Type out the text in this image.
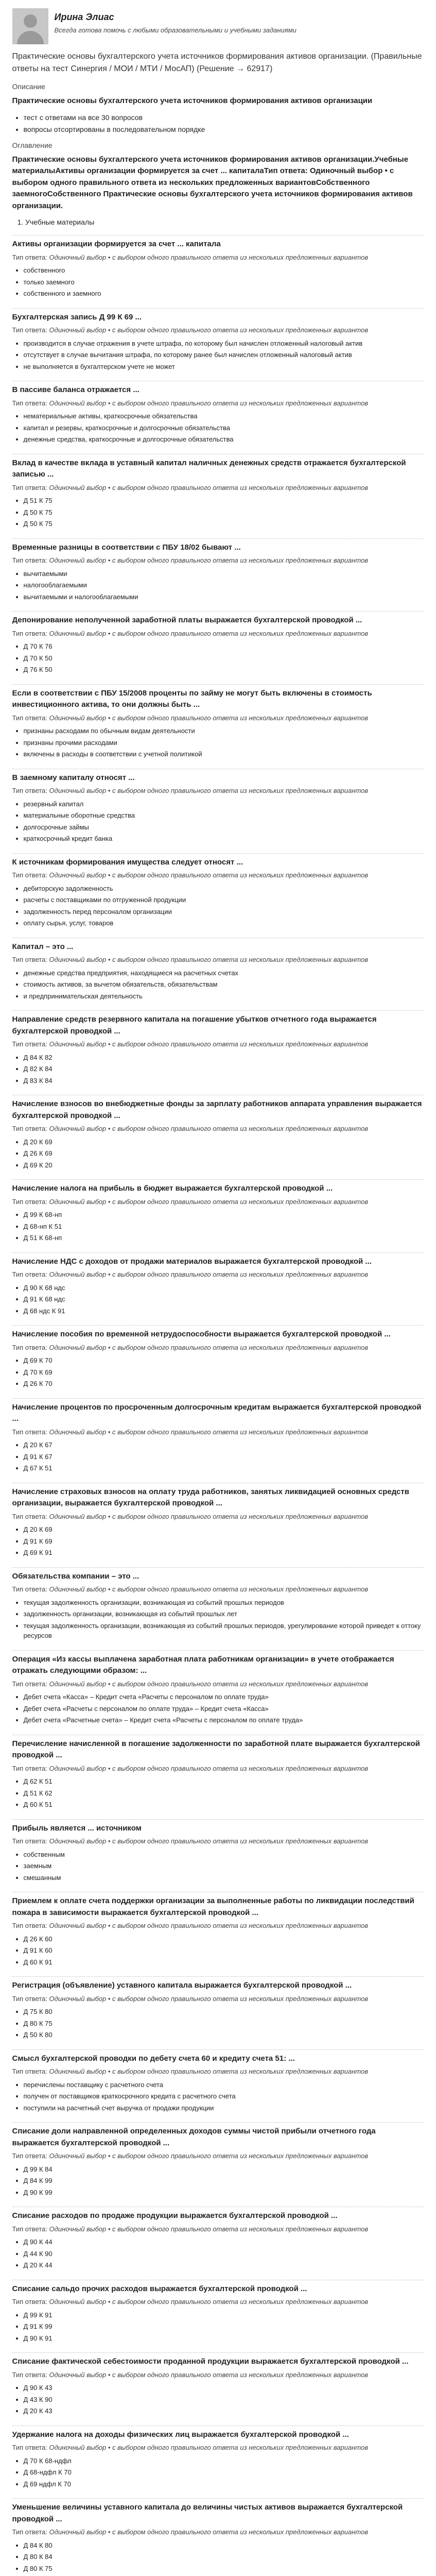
Ирина Элиас
Всегда готова помочь с любыми образовательными и учебными заданиями
Практические основы бухгалтерского учета источников формирования активов организации. (Правильные ответы на тест Синергия / МОИ / МТИ / МосАП) (Решение → 62917)
Описание
Практические основы бухгалтерского учета источников формирования активов организации
• тест с ответами на всe 30 вопросов
• вопросы отсортированы в последовательном порядке
Оглавление
Практические основы бухгалтерского учета источников формирования активов организации.Учебные материалыАктивы организации формируется за счет ... капиталаТип ответа: Одиночный выбор • с выбором одного правильного ответа из нескольких предложенных вариантовСобственного заемногоСобственного Практические основы бухгалтерского учета источников формирования активов организации.
1. Учебные материалы
Активы организации формируется за счет ... капитала
Тип ответа: Одиночный выбор • с выбором одного правильного ответа из нескольких предложенных вариантов
• собственного
• только заемного
• собственного и заемного
Бухгалтерская запись Д 99 К 69 ...
Тип ответа: Одиночный выбор • с выбором одного правильного ответа из нескольких предложенных вариантов
• производится в случае отражения в учете штрафа, по которому был начислен отложенный налоговый актив
• отсутствует в случае вычитания штрафа, по которому ранее был начислен отложенный налоговый актив
• не выполняется в бухгалтерском учете не может
В пассиве баланса отражается ...
Тип ответа: Одиночный выбор • с выбором одного правильного ответа из нескольких предложенных вариантов
• нематериальные активы, краткосрочные обязательства
• капитал и резервы, краткосрочные и долгосрочные обязательства
• денежные средства, краткосрочные и долгосрочные обязательства
Вклад в качестве вклада в уставный капитал наличных денежных средств отражается бухгалтерской записью ...
Тип ответа: Одиночный выбор • с выбором одного правильного ответа из нескольких предложенных вариантов
• Д 51 К 75
• Д 50 К 75
• Д 50 К 75
Временные разницы в соответствии с ПБУ 18/02 бывают ...
Тип ответа: Одиночный выбор • с выбором одного правильного ответа из нескольких предложенных вариантов
• вычитаемыми
• налогооблагаемыми
• вычитаемыми и налогооблагаемыми
Депонирование неполученной заработной платы выражается бухгалтерской проводкой ...
Тип ответа: Одиночный выбор • с выбором одного правильного ответа из нескольких предложенных вариантов
• Д 70 К 76
• Д 70 К 50
• Д 76 К 50
Если в соответствии с ПБУ 15/2008 проценты по займу не могут быть включены в стоимость инвестиционного актива, то они должны быть ...
Тип ответа: Одиночный выбор • с выбором одного правильного ответа из нескольких предложенных вариантов
• признаны расходами по обычным видам деятельности
• признаны прочими расходами
• включены в расходы в соответствии с учетной политикой
В заемному капиталу относят ...
Тип ответа: Одиночный выбор • с выбором одного правильного ответа из нескольких предложенных вариантов
• резервный капитал
• материальные оборотные средства
• долгосрочные займы
• краткосрочный кредит банка
К источникам формирования имущества следует относят ...
Тип ответа: Одиночный выбор • с выбором одного правильного ответа из нескольких предложенных вариантов
• дебиторскую задолженность
• расчеты с поставщиками по отгруженной продукции
• задолженность перед персоналом организации
• оплату сырья, услуг, товаров
Капитал – это ...
Тип ответа: Одиночный выбор • с выбором одного правильного ответа из нескольких предложенных вариантов
• денежные средства предприятия, находящиеся на расчетных счетах
• стоимость активов, за вычетом обязательств, обязательствам
• и предпринимательская деятельность
Направление средств резервного капитала на погашение убытков отчетного года выражается бухгалтерской проводкой ...
Тип ответа: Одиночный выбор • с выбором одного правильного ответа из нескольких предложенных вариантов
• Д 84 К 82
• Д 82 К 84
• Д 83 К 84
Начисление взносов во внебюджетные фонды за зарплату работников аппарата управления выражается бухгалтерской проводкой ...
Тип ответа: Одиночный выбор • с выбором одного правильного ответа из нескольких предложенных вариантов
• Д 20 К 69
• Д 26 К 69
• Д 69 К 20
Начисление налога на прибыль в бюджет выражается бухгалтерской проводкой ...
Тип ответа: Одиночный выбор • с выбором одного правильного ответа из нескольких предложенных вариантов
• Д 99 К 68-нп
• Д 68-нп К 51
• Д 51 К 68-нп
Начисление НДС с доходов от продажи материалов выражается бухгалтерской проводкой ...
Тип ответа: Одиночный выбор • с выбором одного правильного ответа из нескольких предложенных вариантов
• Д 90 К 68 ндс
• Д 91 К 68 ндс
• Д 68 ндс К 91
Начисление пособия по временной нетрудоспособности выражается бухгалтерской проводкой ...
Тип ответа: Одиночный выбор • с выбором одного правильного ответа из нескольких предложенных вариантов
• Д 69 К 70
• Д 70 К 69
• Д 26 К 70
Начисление процентов по просроченным долгосрочным кредитам выражается бухгалтерской проводкой ...
Тип ответа: Одиночный выбор • с выбором одного правильного ответа из нескольких предложенных вариантов
• Д 20 К 67
• Д 91 К 67
• Д 67 К 51
Начисление страховых взносов на оплату труда работников, занятых ликвидацией основных средств организации, выражается бухгалтерской проводкой ...
Тип ответа: Одиночный выбор • с выбором одного правильного ответа из нескольких предложенных вариантов
• Д 20 К 69
• Д 91 К 69
• Д 69 К 91
Обязательства компании – это ...
Тип ответа: Одиночный выбор • с выбором одного правильного ответа из нескольких предложенных вариантов
• текущая задолженность организации, возникающая из событий прошлых периодов
• задолженность организации, возникающая из событий прошлых лет
• текущая задолженность организации, возникающая из событий прошлых периодов, урегулирование которой приведет к оттоку ресурсов
Операция «Из кассы выплачена заработная плата работникам организации» в учете отображается отражать следующими образом: ...
Тип ответа: Одиночный выбор • с выбором одного правильного ответа из нескольких предложенных вариантов
• Дебет счета «Касса» – Кредит счета «Расчеты с персоналом по оплате труда»
• Дебет счета «Расчеты с персоналом по оплате труда» – Кредит счета «Касса»
• Дебет счета «Расчетные счета» – Кредит счета «Расчеты с персоналом по оплате труда»
Перечисление начисленной в погашение задолженности по заработной плате выражается бухгалтерской проводкой ...
Тип ответа: Одиночный выбор • с выбором одного правильного ответа из нескольких предложенных вариантов
• Д 62 К 51
• Д 51 К 62
• Д 60 К 51
Прибыль является ... источником
Тип ответа: Одиночный выбор • с выбором одного правильного ответа из нескольких предложенных вариантов
• собственным
• заемным
• смешанным
Приемлем к оплате счета поддержки организации за выполненные работы по ликвидации последствий пожара в зависимости выражается бухгалтерской проводкой ...
Тип ответа: Одиночный выбор • с выбором одного правильного ответа из нескольких предложенных вариантов
• Д 26 К 60
• Д 91 К 60
• Д 60 К 91
Регистрация (объявление) уставного капитала выражается бухгалтерской проводкой ...
Тип ответа: Одиночный выбор • с выбором одного правильного ответа из нескольких предложенных вариантов
• Д 75 К 80
• Д 80 К 75
• Д 50 К 80
Смысл бухгалтерской проводки по дебету счета 60 и кредиту счета 51: ...
Тип ответа: Одиночный выбор • с выбором одного правильного ответа из нескольких предложенных вариантов
• перечислены поставщику с расчетного счета
• получен от поставщиков краткосрочного кредита с расчетного счета
• поступили на расчетный счет выручка от продажи продукции
Списание доли направленной определенных доходов суммы чистой прибыли отчетного года выражается бухгалтерской проводкой ...
Тип ответа: Одиночный выбор • с выбором одного правильного ответа из нескольких предложенных вариантов
• Д 99 К 84
• Д 84 К 99
• Д 90 К 99
Списание расходов по продаже продукции выражается бухгалтерской проводкой ...
Тип ответа: Одиночный выбор • с выбором одного правильного ответа из нескольких предложенных вариантов
• Д 90 К 44
• Д 44 К 90
• Д 20 К 44
Списание сальдо прочих расходов выражается бухгалтерской проводкой ...
Тип ответа: Одиночный выбор • с выбором одного правильного ответа из нескольких предложенных вариантов
• Д 99 К 91
• Д 91 К 99
• Д 90 К 91
Списание фактической себестоимости проданной продукции выражается бухгалтерской проводкой ...
Тип ответа: Одиночный выбор • с выбором одного правильного ответа из нескольких предложенных вариантов
• Д 90 К 43
• Д 43 К 90
• Д 20 К 43
Удержание налога на доходы физических лиц выражается бухгалтерской проводкой ...
Тип ответа: Одиночный выбор • с выбором одного правильного ответа из нескольких предложенных вариантов
• Д 70 К 68-ндфл
• Д 68-ндфл К 70
• Д 69 ндфл К 70
Уменьшение величины уставного капитала до величины чистых активов выражается бухгалтерской проводкой ...
Тип ответа: Одиночный выбор • с выбором одного правильного ответа из нескольких предложенных вариантов
• Д 84 К 80
• Д 80 К 84
• Д 80 К 75
